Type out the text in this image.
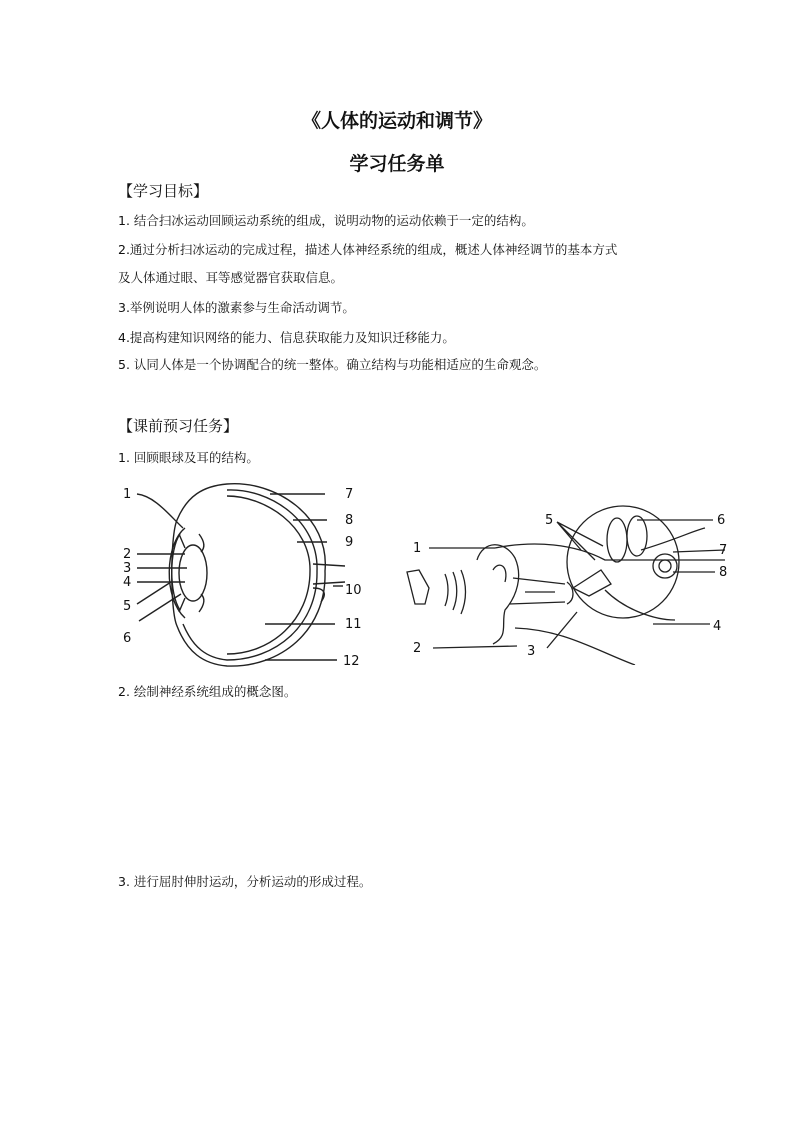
《人体的运动和调节》
学习任务单
【学习目标】
1. 结合扫冰运动回顾运动系统的组成，说明动物的运动依赖于一定的结构。
2.通过分析扫冰运动的完成过程，描述人体神经系统的组成，概述人体神经调节的基本方式
及人体通过眼、耳等感觉器官获取信息。
3.举例说明人体的激素参与生命活动调节。
4.提高构建知识网络的能力、信息获取能力及知识迁移能力。
5. 认同人体是一个协调配合的统一整体。确立结构与功能相适应的生命观念。
【课前预习任务】
1. 回顾眼球及耳的结构。
1
2
3
4
5
6
7
8
9
10
11
12
1
2	3
4
5	6
7
8
2. 绘制神经系统组成的概念图。
3. 进行屈肘伸肘运动，分析运动的形成过程。
